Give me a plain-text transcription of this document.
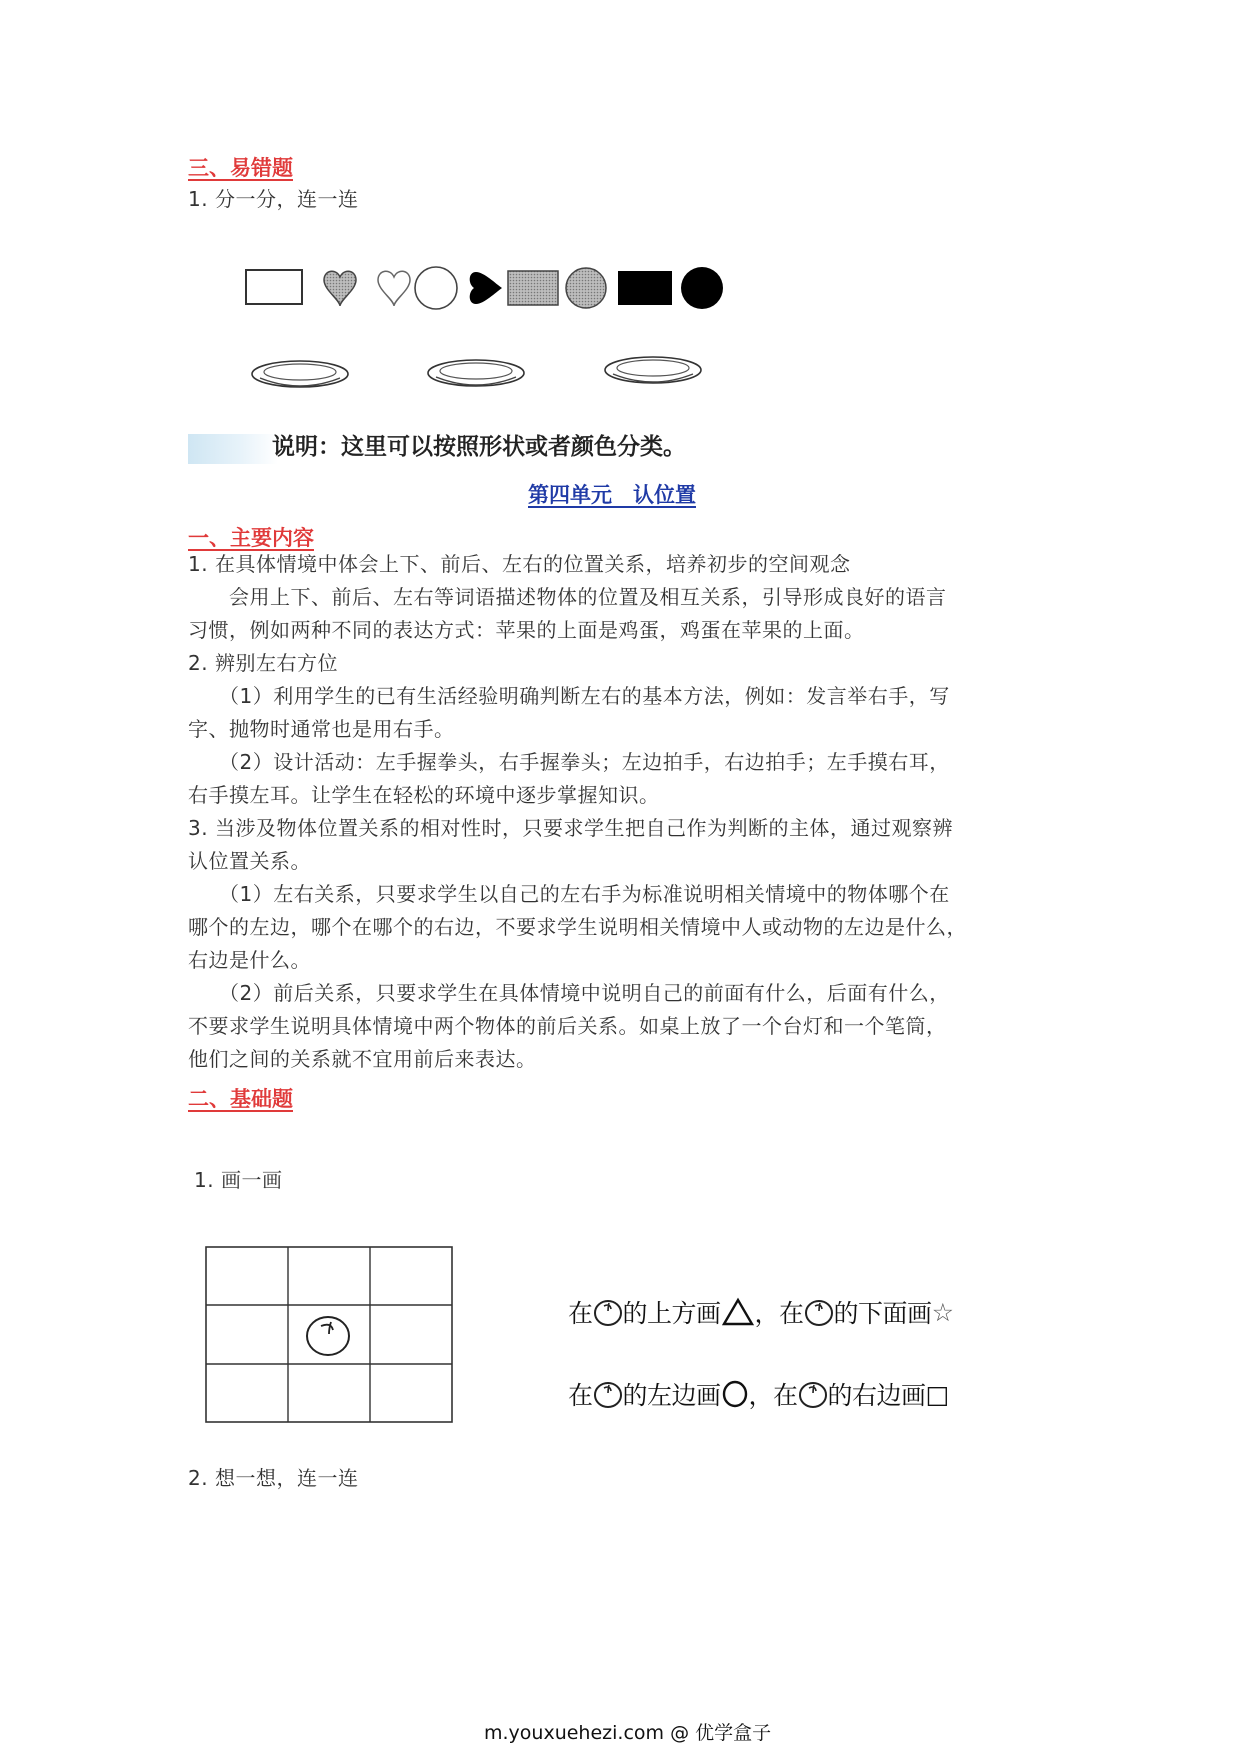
三、易错题
1. 分一分，连一连
说明：这里可以按照形状或者颜色分类。
第四单元　认位置
一、主要内容
1. 在具体情境中体会上下、前后、左右的位置关系，培养初步的空间观念
　　会用上下、前后、左右等词语描述物体的位置及相互关系，引导形成良好的语言
习惯，例如两种不同的表达方式：苹果的上面是鸡蛋，鸡蛋在苹果的上面。
2. 辨别左右方位
　　（1）利用学生的已有生活经验明确判断左右的基本方法，例如：发言举右手，写
字、抛物时通常也是用右手。
　　（2）设计活动：左手握拳头，右手握拳头；左边拍手，右边拍手；左手摸右耳，
右手摸左耳。让学生在轻松的环境中逐步掌握知识。
3. 当涉及物体位置关系的相对性时，只要求学生把自己作为判断的主体，通过观察辨
认位置关系。
　　（1）左右关系，只要求学生以自己的左右手为标准说明相关情境中的物体哪个在
哪个的左边，哪个在哪个的右边，不要求学生说明相关情境中人或动物的左边是什么，
右边是什么。
　　（2）前后关系，只要求学生在具体情境中说明自己的前面有什么，后面有什么，
不要求学生说明具体情境中两个物体的前后关系。如桌上放了一个台灯和一个笔筒，
他们之间的关系就不宜用前后来表达。
二、基础题
1. 画一画
在 的上方画 ，在 的下面画 ☆
在 的左边画 ，在 的右边画 □
2. 想一想，连一连
m.youxuehezi.com @ 优学盒子
